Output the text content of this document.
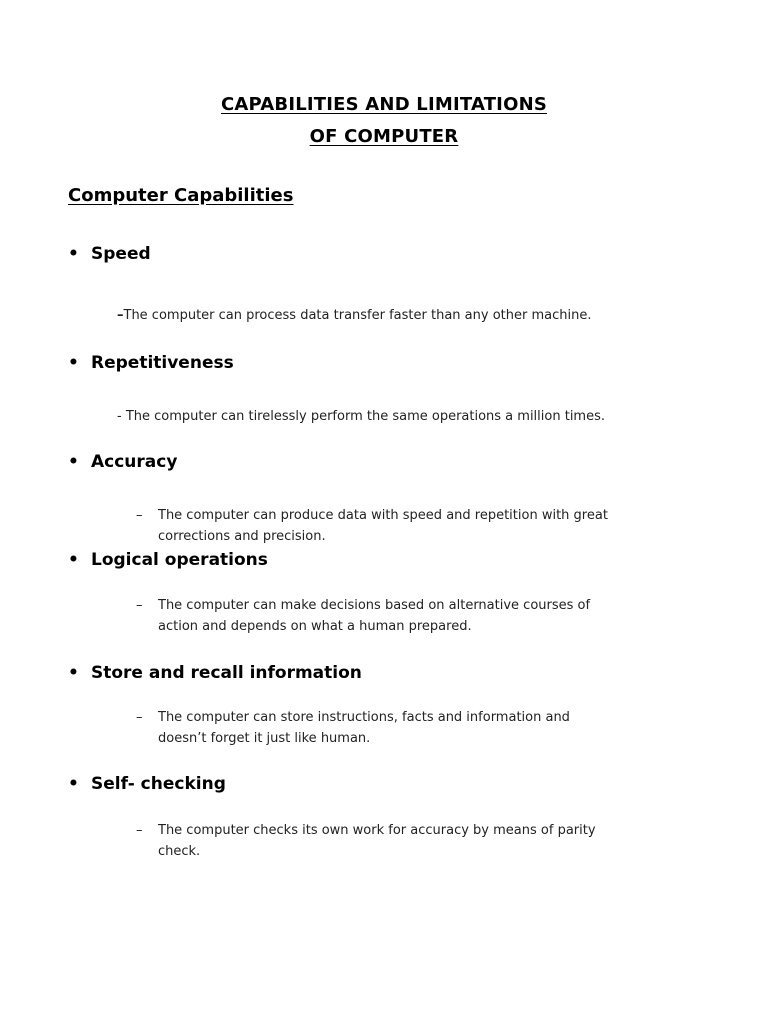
CAPABILITIES AND LIMITATIONS
OF COMPUTER
Computer Capabilities
• Speed
–The computer can process data transfer faster than any other machine.
• Repetitiveness
- The computer can tirelessly perform the same operations a million times.
• Accuracy
– The computer can produce data with speed and repetition with great
corrections and precision.
• Logical operations
– The computer can make decisions based on alternative courses of
action and depends on what a human prepared.
• Store and recall information
– The computer can store instructions, facts and information and
doesn’t forget it just like human.
• Self- checking
– The computer checks its own work for accuracy by means of parity
check.
